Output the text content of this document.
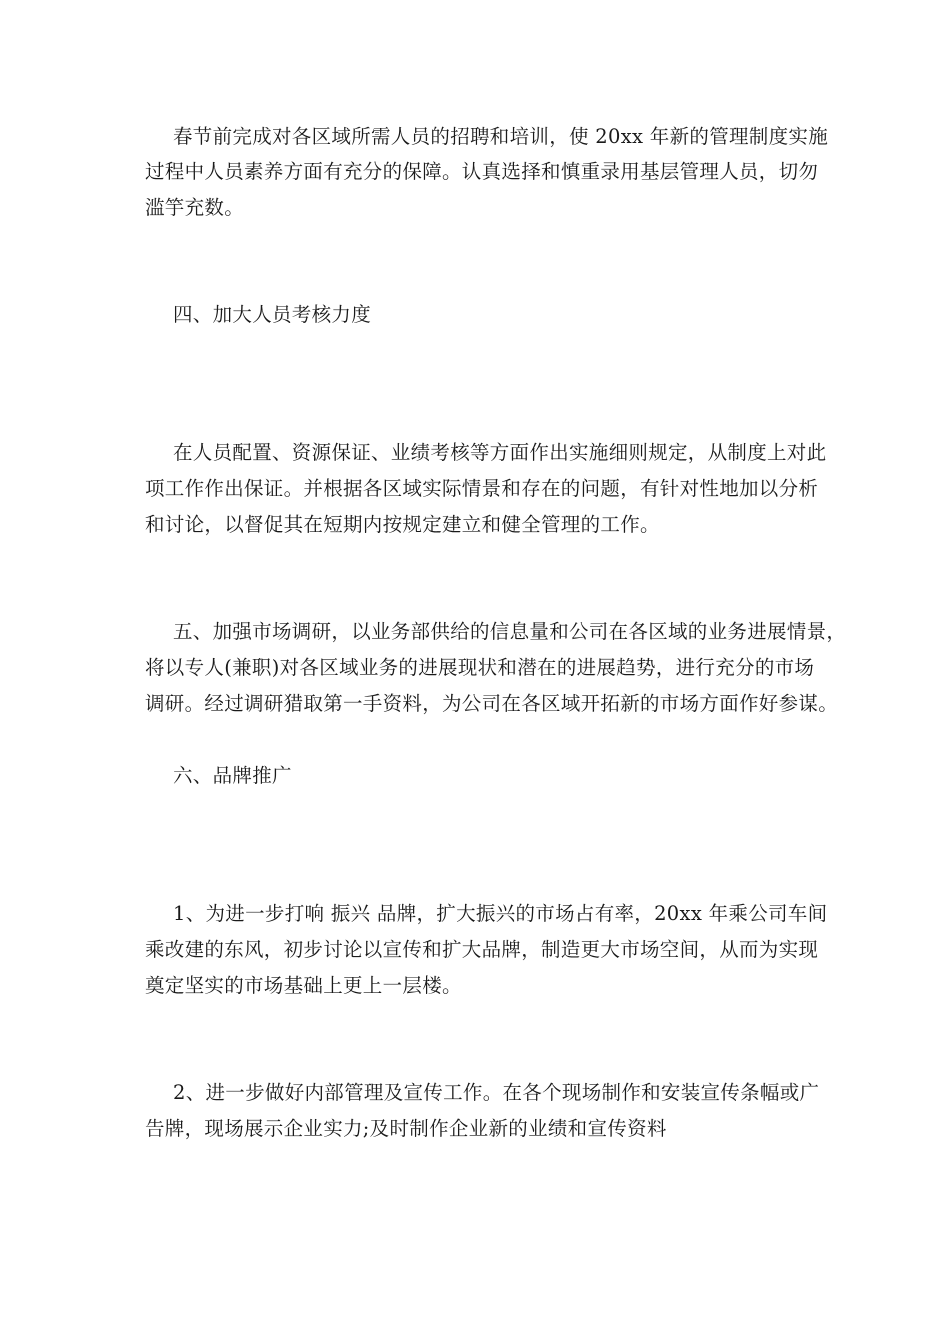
春节前完成对各区域所需人员的招聘和培训，使 20xx 年新的管理制度实施
过程中人员素养方面有充分的保障。认真选择和慎重录用基层管理人员，切勿
滥竽充数。
四、加大人员考核力度
在人员配置、资源保证、业绩考核等方面作出实施细则规定，从制度上对此
项工作作出保证。并根据各区域实际情景和存在的问题，有针对性地加以分析
和讨论，以督促其在短期内按规定建立和健全管理的工作。
五、加强市场调研，以业务部供给的信息量和公司在各区域的业务进展情景，
将以专人(兼职)对各区域业务的进展现状和潜在的进展趋势，进行充分的市场
调研。经过调研猎取第一手资料，为公司在各区域开拓新的市场方面作好参谋。
六、品牌推广
1、为进一步打响 振兴 品牌，扩大振兴的市场占有率，20xx 年乘公司车间
乘改建的东风，初步讨论以宣传和扩大品牌，制造更大市场空间，从而为实现
奠定坚实的市场基础上更上一层楼。
2、进一步做好内部管理及宣传工作。在各个现场制作和安装宣传条幅或广
告牌，现场展示企业实力;及时制作企业新的业绩和宣传资料
